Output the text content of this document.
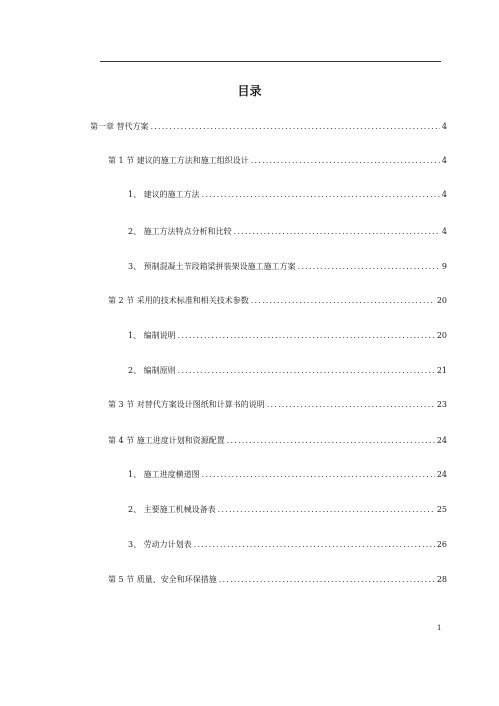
目录
第一章 替代方案 .....	4
第 1 节 建议的施工方法和施工组织设计 .....	4
1、 建议的施工方法 .....	4
2、 施工方法特点分析和比较 .....	4
3、 预制混凝土节段箱梁拼装架设施工施工方案 .....	9
第 2 节 采用的技术标准和相关技术参数 .....	20
1、 编制说明 .....	20
2、 编制原则 .....	21
第 3 节 对替代方案设计图纸和计算书的说明 .....	23
第 4 节 施工进度计划和资源配置 .....	24
1、 施工进度横道图 .....	24
2、 主要施工机械设备表 .....	25
3、 劳动力计划表 .....	26
第 5 节 质量、安全和环保措施 .....	28
1
